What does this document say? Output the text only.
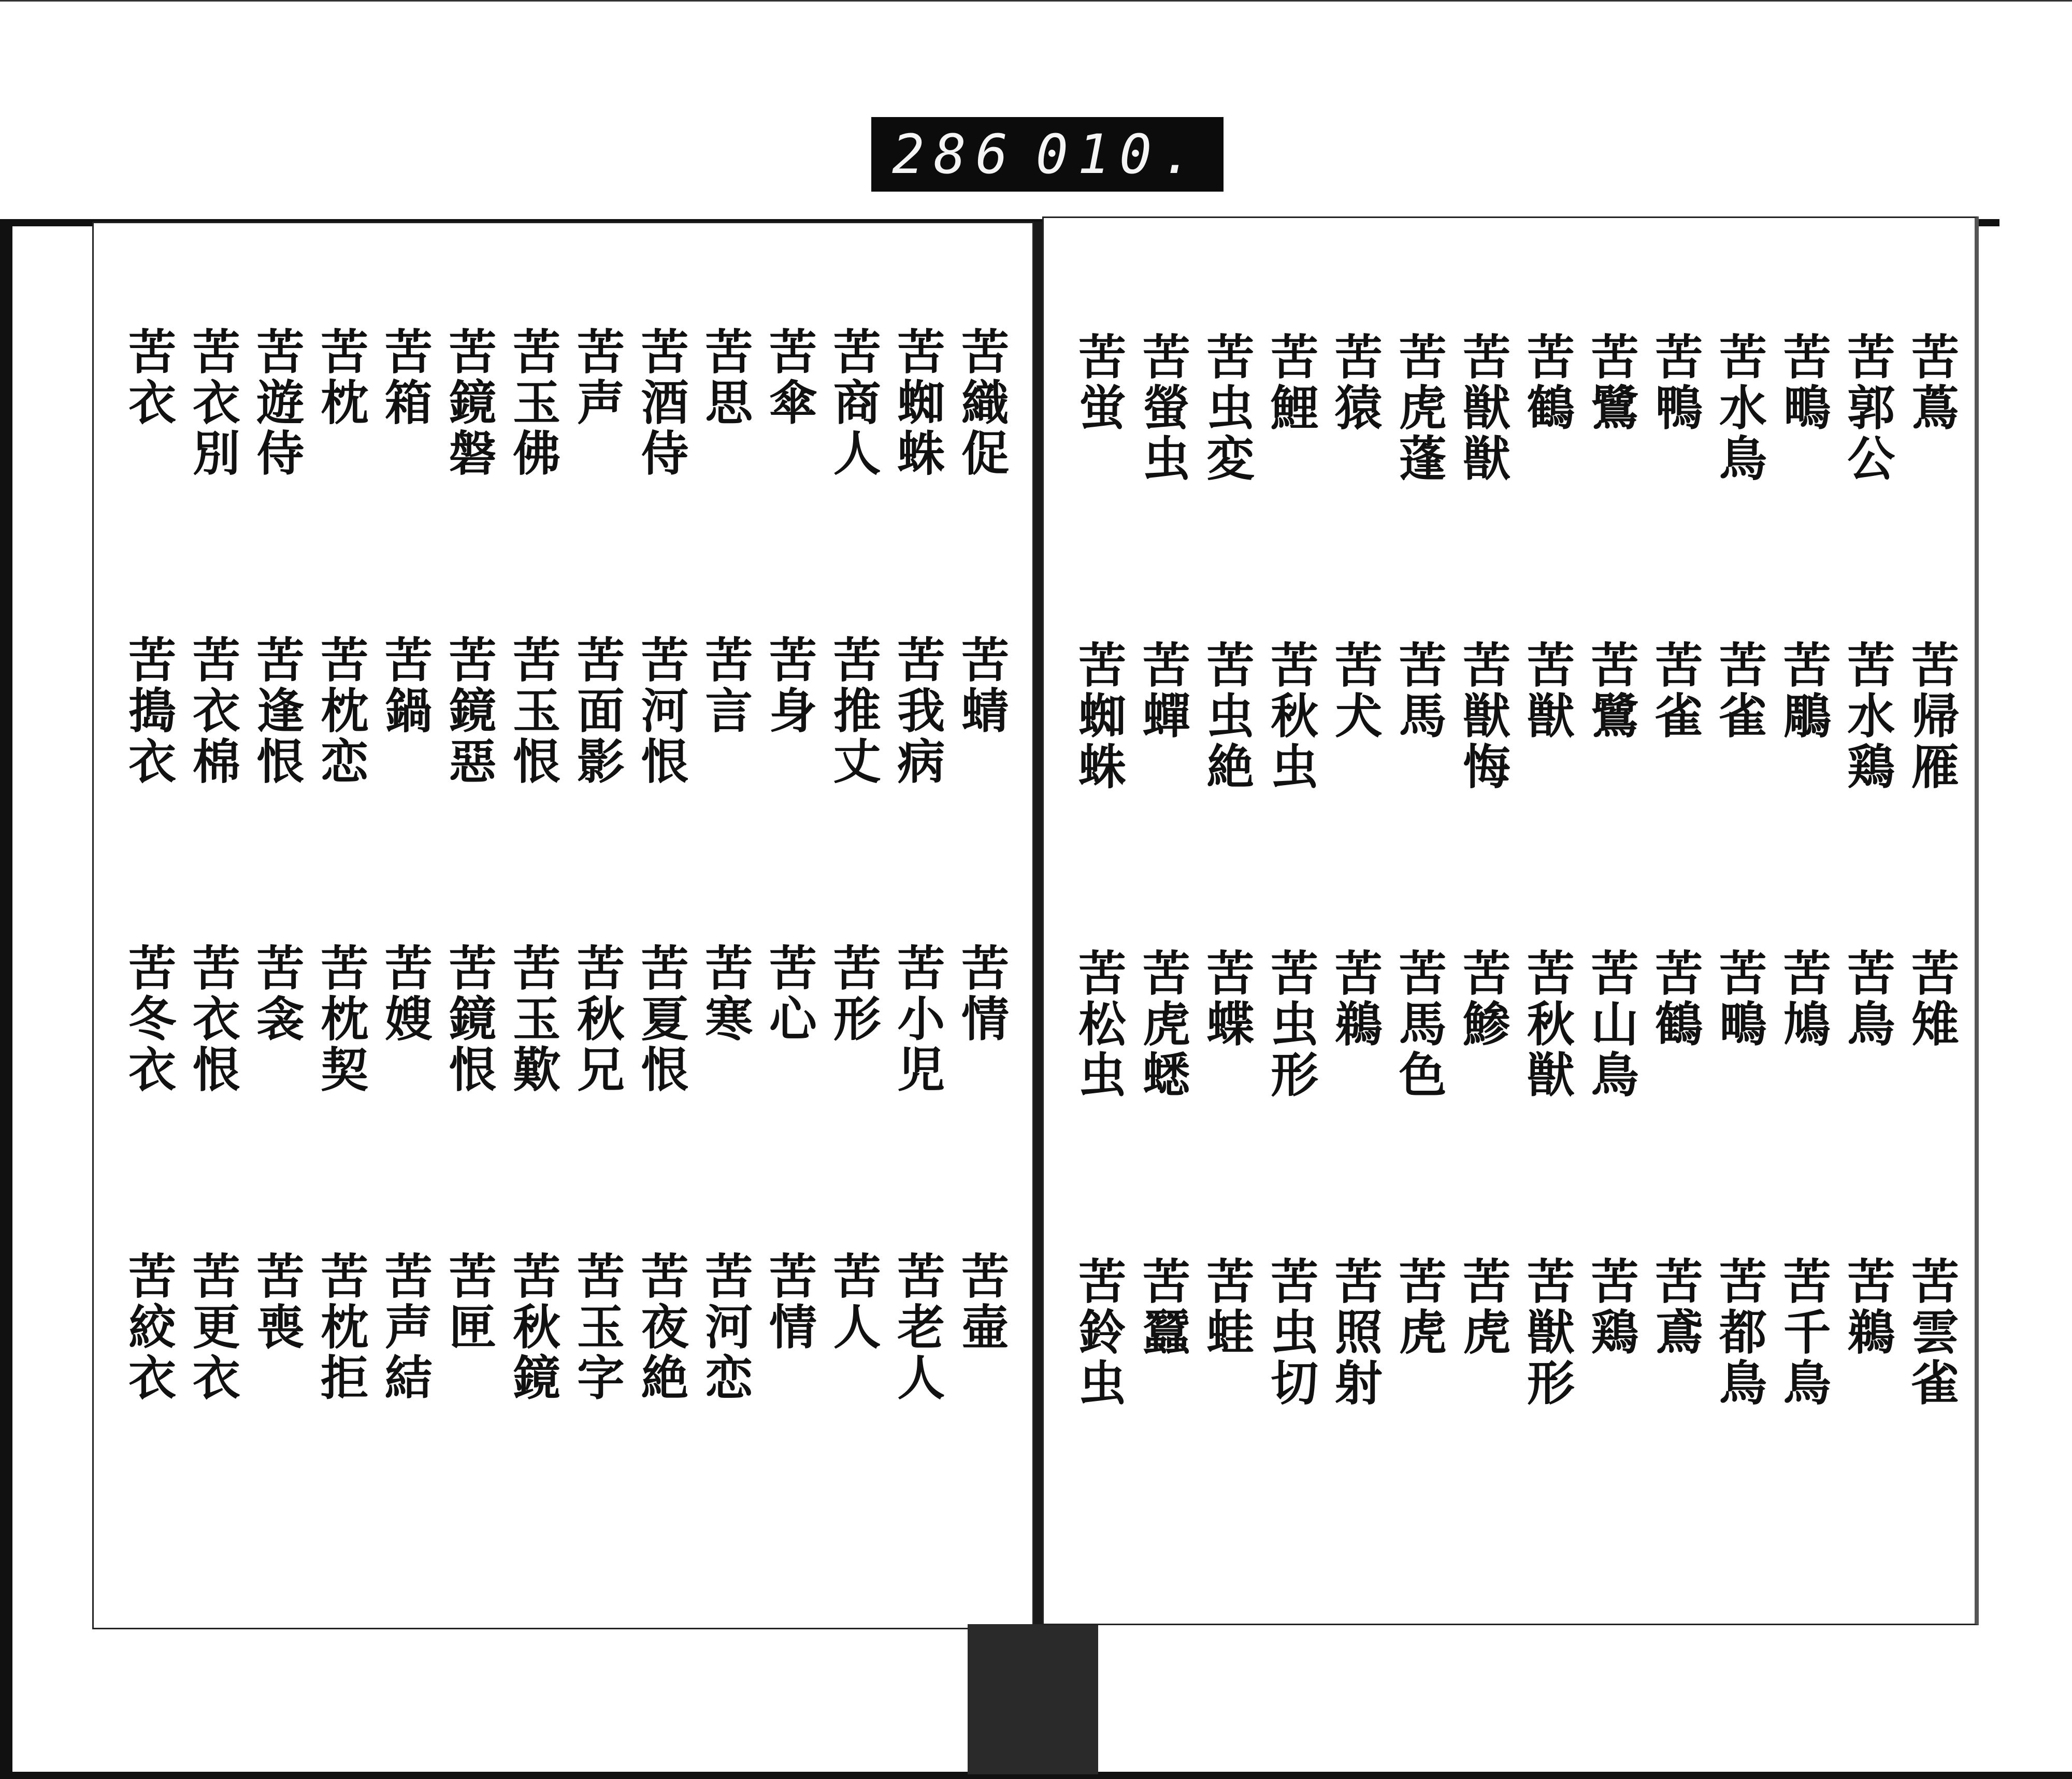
286 010.
苦織促
苦蜘蛛
苦商人
苦傘
苦思
苦酒侍
苦声
苦玉佛
苦鏡磐
苦箱
苦枕
苦遊侍
苦衣別
苦衣
苦蜻
苦我病
苦推丈
苦身
苦言
苦河恨
苦面影
苦玉恨
苦鏡惡
苦鍋
苦枕恋
苦逢恨
苦衣棉
苦搗衣
苦情
苦小児
苦形
苦心
苦寒
苦夏恨
苦秋兄
苦玉歎
苦鏡恨
苦嫂
苦枕契
苦衾
苦衣恨
苦冬衣
苦壷
苦老人
苦人
苦情
苦河恋
苦夜絶
苦玉字
苦秋鏡
苦匣
苦声結
苦枕拒
苦喪
苦更衣
苦絞衣
苦蔦
苦郭公
苦鴫
苦水鳥
苦鴨
苦鷺
苦鶴
苦獣獣
苦虎蓬
苦猿
苦鯉
苦虫変
苦螢虫
苦蛍
苦帰雁
苦水鶏
苦鵰
苦雀
苦雀
苦鷺
苦獣
苦獣悔
苦馬
苦犬
苦秋虫
苦虫絶
苦蟬
苦蜘蛛
苦雉
苦鳥
苦鳩
苦鴫
苦鶴
苦山鳥
苦秋獣
苦鯵
苦馬色
苦鵜
苦虫形
苦蝶
苦虎蟋
苦松虫
苦雲雀
苦鵜
苦千鳥
苦都鳥
苦鳶
苦鶏
苦獣形
苦虎
苦虎
苦照射
苦虫切
苦蛙
苦蠶
苦鈴虫
